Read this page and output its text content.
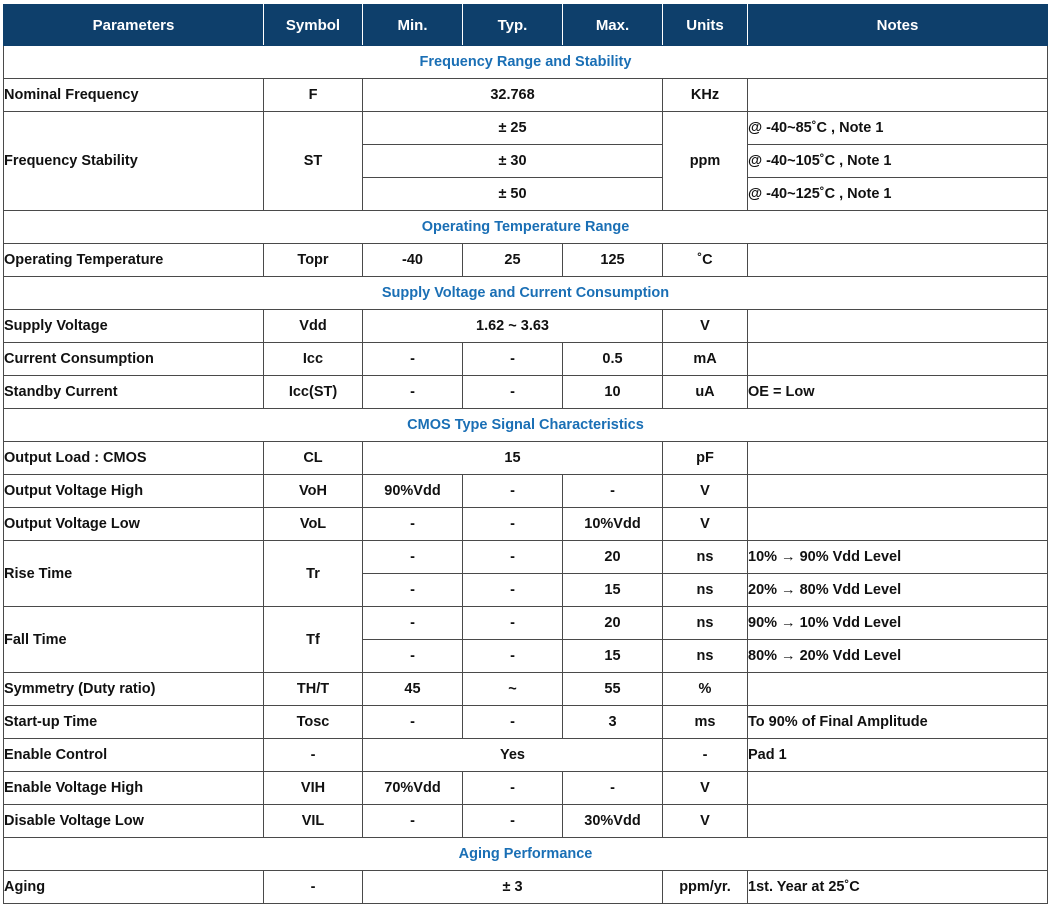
Parameters	Symbol	Min.	Typ.	Max.	Units	Notes
Frequency Range and Stability						
Nominal Frequency	F	32.768			KHz	
Frequency Stability	ST	± 25			ppm	@ -40~85˚C , Note 1
		± 30				@ -40~105˚C , Note 1
		± 50				@ -40~125˚C , Note 1
Operating Temperature Range						
Operating Temperature	Topr	-40	25	125	˚C	
Supply Voltage and Current Consumption						
Supply Voltage	Vdd	1.62 ~ 3.63			V	
Current Consumption	Icc	-	-	0.5	mA	
Standby Current	Icc(ST)	-	-	10	uA	OE = Low
CMOS Type Signal Characteristics						
Output Load : CMOS	CL	15			pF	
Output Voltage High	VoH	90%Vdd	-	-	V	
Output Voltage Low	VoL	-	-	10%Vdd	V	
Rise Time	Tr	-	-	20	ns	10% → 90% Vdd Level
		-	-	15	ns	20% → 80% Vdd Level
Fall Time	Tf	-	-	20	ns	90% → 10% Vdd Level
		-	-	15	ns	80% → 20% Vdd Level
Symmetry (Duty ratio)	TH/T	45	~	55	%	
Start-up Time	Tosc	-	-	3	ms	To 90% of Final Amplitude
Enable Control	-	Yes			-	Pad 1
Enable Voltage High	VIH	70%Vdd	-	-	V	
Disable Voltage Low	VIL	-	-	30%Vdd	V	
Aging Performance						
Aging	-	± 3			ppm/yr.	1st. Year at 25˚C
